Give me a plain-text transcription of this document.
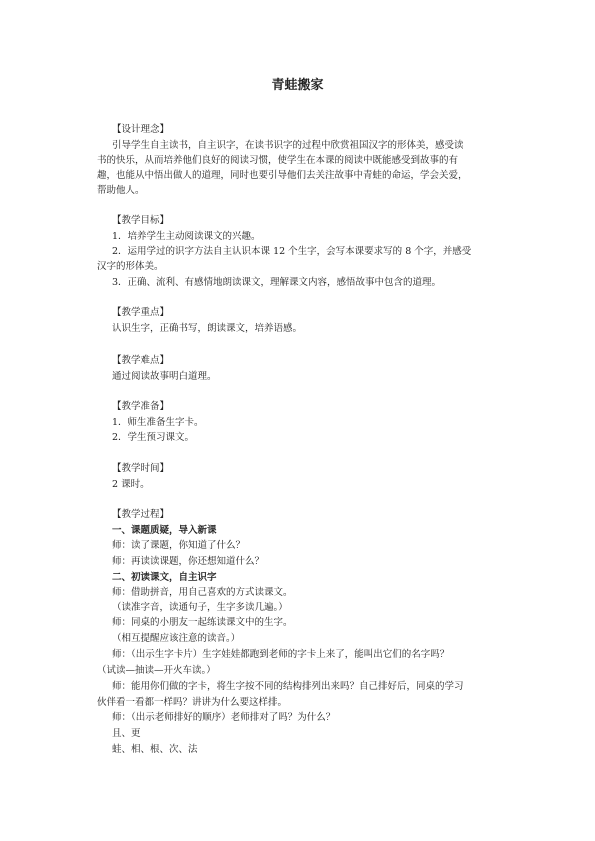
青蛙搬家
【设计理念】
引导学生自主读书，自主识字，在读书识字的过程中欣赏祖国汉字的形体美，感受读
书的快乐，从而培养他们良好的阅读习惯，使学生在本课的阅读中既能感受到故事的有
趣，也能从中悟出做人的道理，同时也要引导他们去关注故事中青蛙的命运，学会关爱，
帮助他人。
【教学目标】
1．培养学生主动阅读课文的兴趣。
2．运用学过的识字方法自主认识本课 12 个生字，会写本课要求写的 8 个字，并感受
汉字的形体美。
3．正确、流利、有感情地朗读课文，理解课文内容，感悟故事中包含的道理。
【教学重点】
认识生字，正确书写，朗读课文，培养语感。
【教学难点】
通过阅读故事明白道理。
【教学准备】
1．师生准备生字卡。
2．学生预习课文。
【教学时间】
2 课时。
【教学过程】
一、课题质疑，导入新课
师：读了课题，你知道了什么？
师：再读读课题，你还想知道什么？
二、初读课文，自主识字
师：借助拼音，用自己喜欢的方式读课文。
（读准字音，读通句子，生字多读几遍。）
师：同桌的小朋友一起练读课文中的生字。
（相互提醒应该注意的读音。）
师：（出示生字卡片）生字娃娃都跑到老师的字卡上来了，能叫出它们的名字吗？
（试读—抽读—开火车读。）
师：能用你们做的字卡，将生字按不同的结构排列出来吗？自己排好后，同桌的学习
伙伴看一看都一样吗？讲讲为什么要这样排。
师：（出示老师排好的顺序）老师排对了吗？为什么？
且、更
蛙、相、根、次、法
